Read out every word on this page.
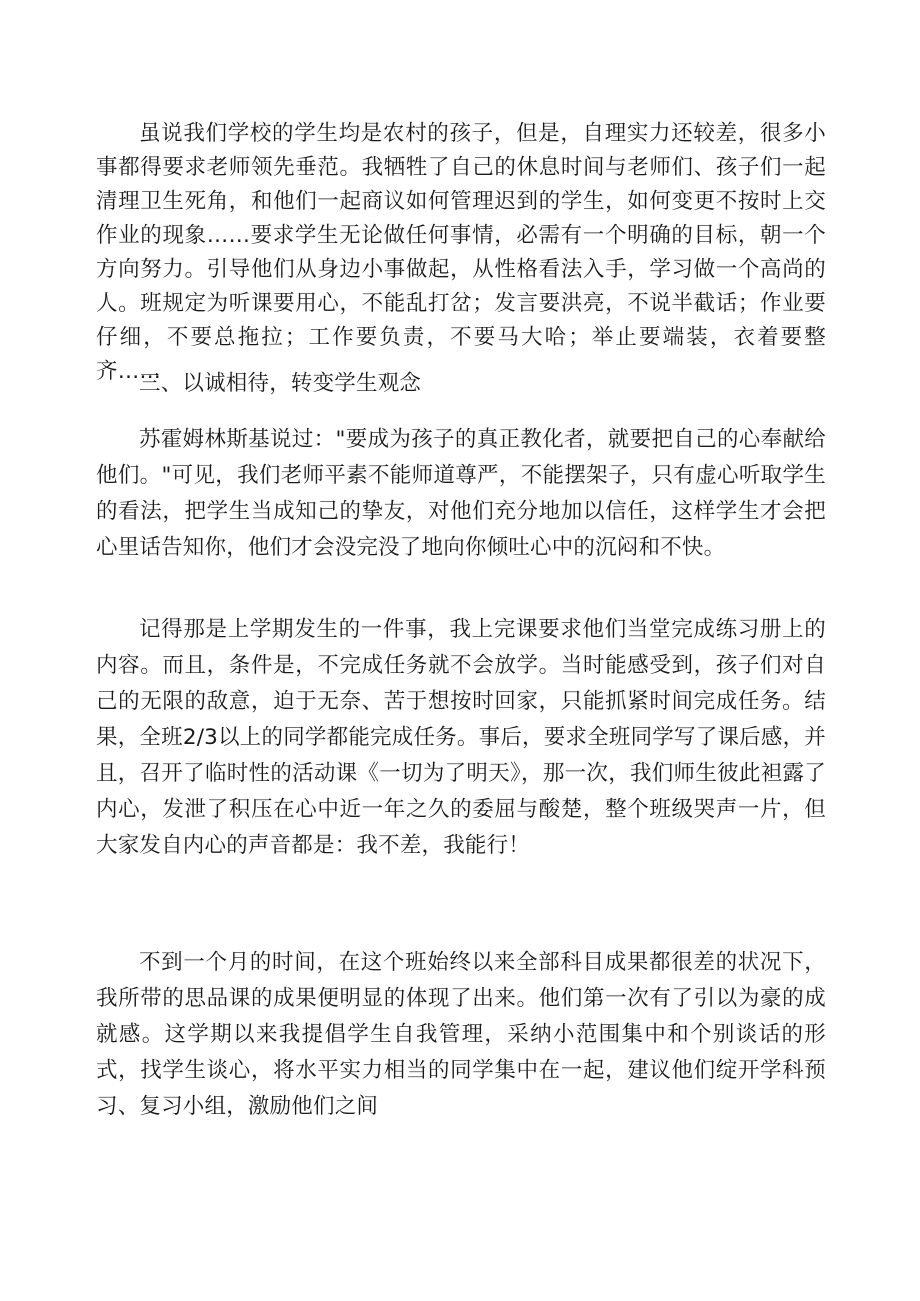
虽说我们学校的学生均是农村的孩子，但是，自理实力还较差，很多小事都得要求老师领先垂范。我牺牲了自己的休息时间与老师们、孩子们一起清理卫生死角，和他们一起商议如何管理迟到的学生，如何变更不按时上交作业的现象……要求学生无论做任何事情，必需有一个明确的目标，朝一个方向努力。引导他们从身边小事做起，从性格看法入手，学习做一个高尚的人。班规定为听课要用心，不能乱打岔；发言要洪亮，不说半截话；作业要仔细，不要总拖拉；工作要负责，不要马大哈；举止要端装，衣着要整齐……

三、以诚相待，转变学生观念

苏霍姆林斯基说过："要成为孩子的真正教化者，就要把自己的心奉献给他们。"可见，我们老师平素不能师道尊严，不能摆架子，只有虚心听取学生的看法，把学生当成知己的挚友，对他们充分地加以信任，这样学生才会把心里话告知你，他们才会没完没了地向你倾吐心中的沉闷和不快。

记得那是上学期发生的一件事，我上完课要求他们当堂完成练习册上的内容。而且，条件是，不完成任务就不会放学。当时能感受到，孩子们对自己的无限的敌意，迫于无奈、苦于想按时回家，只能抓紧时间完成任务。结果，全班2/3以上的同学都能完成任务。事后，要求全班同学写了课后感，并且，召开了临时性的活动课《一切为了明天》，那一次，我们师生彼此袒露了内心，发泄了积压在心中近一年之久的委屈与酸楚，整个班级哭声一片，但大家发自内心的声音都是：我不差，我能行！

不到一个月的时间，在这个班始终以来全部科目成果都很差的状况下，我所带的思品课的成果便明显的体现了出来。他们第一次有了引以为豪的成就感。这学期以来我提倡学生自我管理，采纳小范围集中和个别谈话的形式，找学生谈心，将水平实力相当的同学集中在一起，建议他们绽开学科预习、复习小组，激励他们之间
